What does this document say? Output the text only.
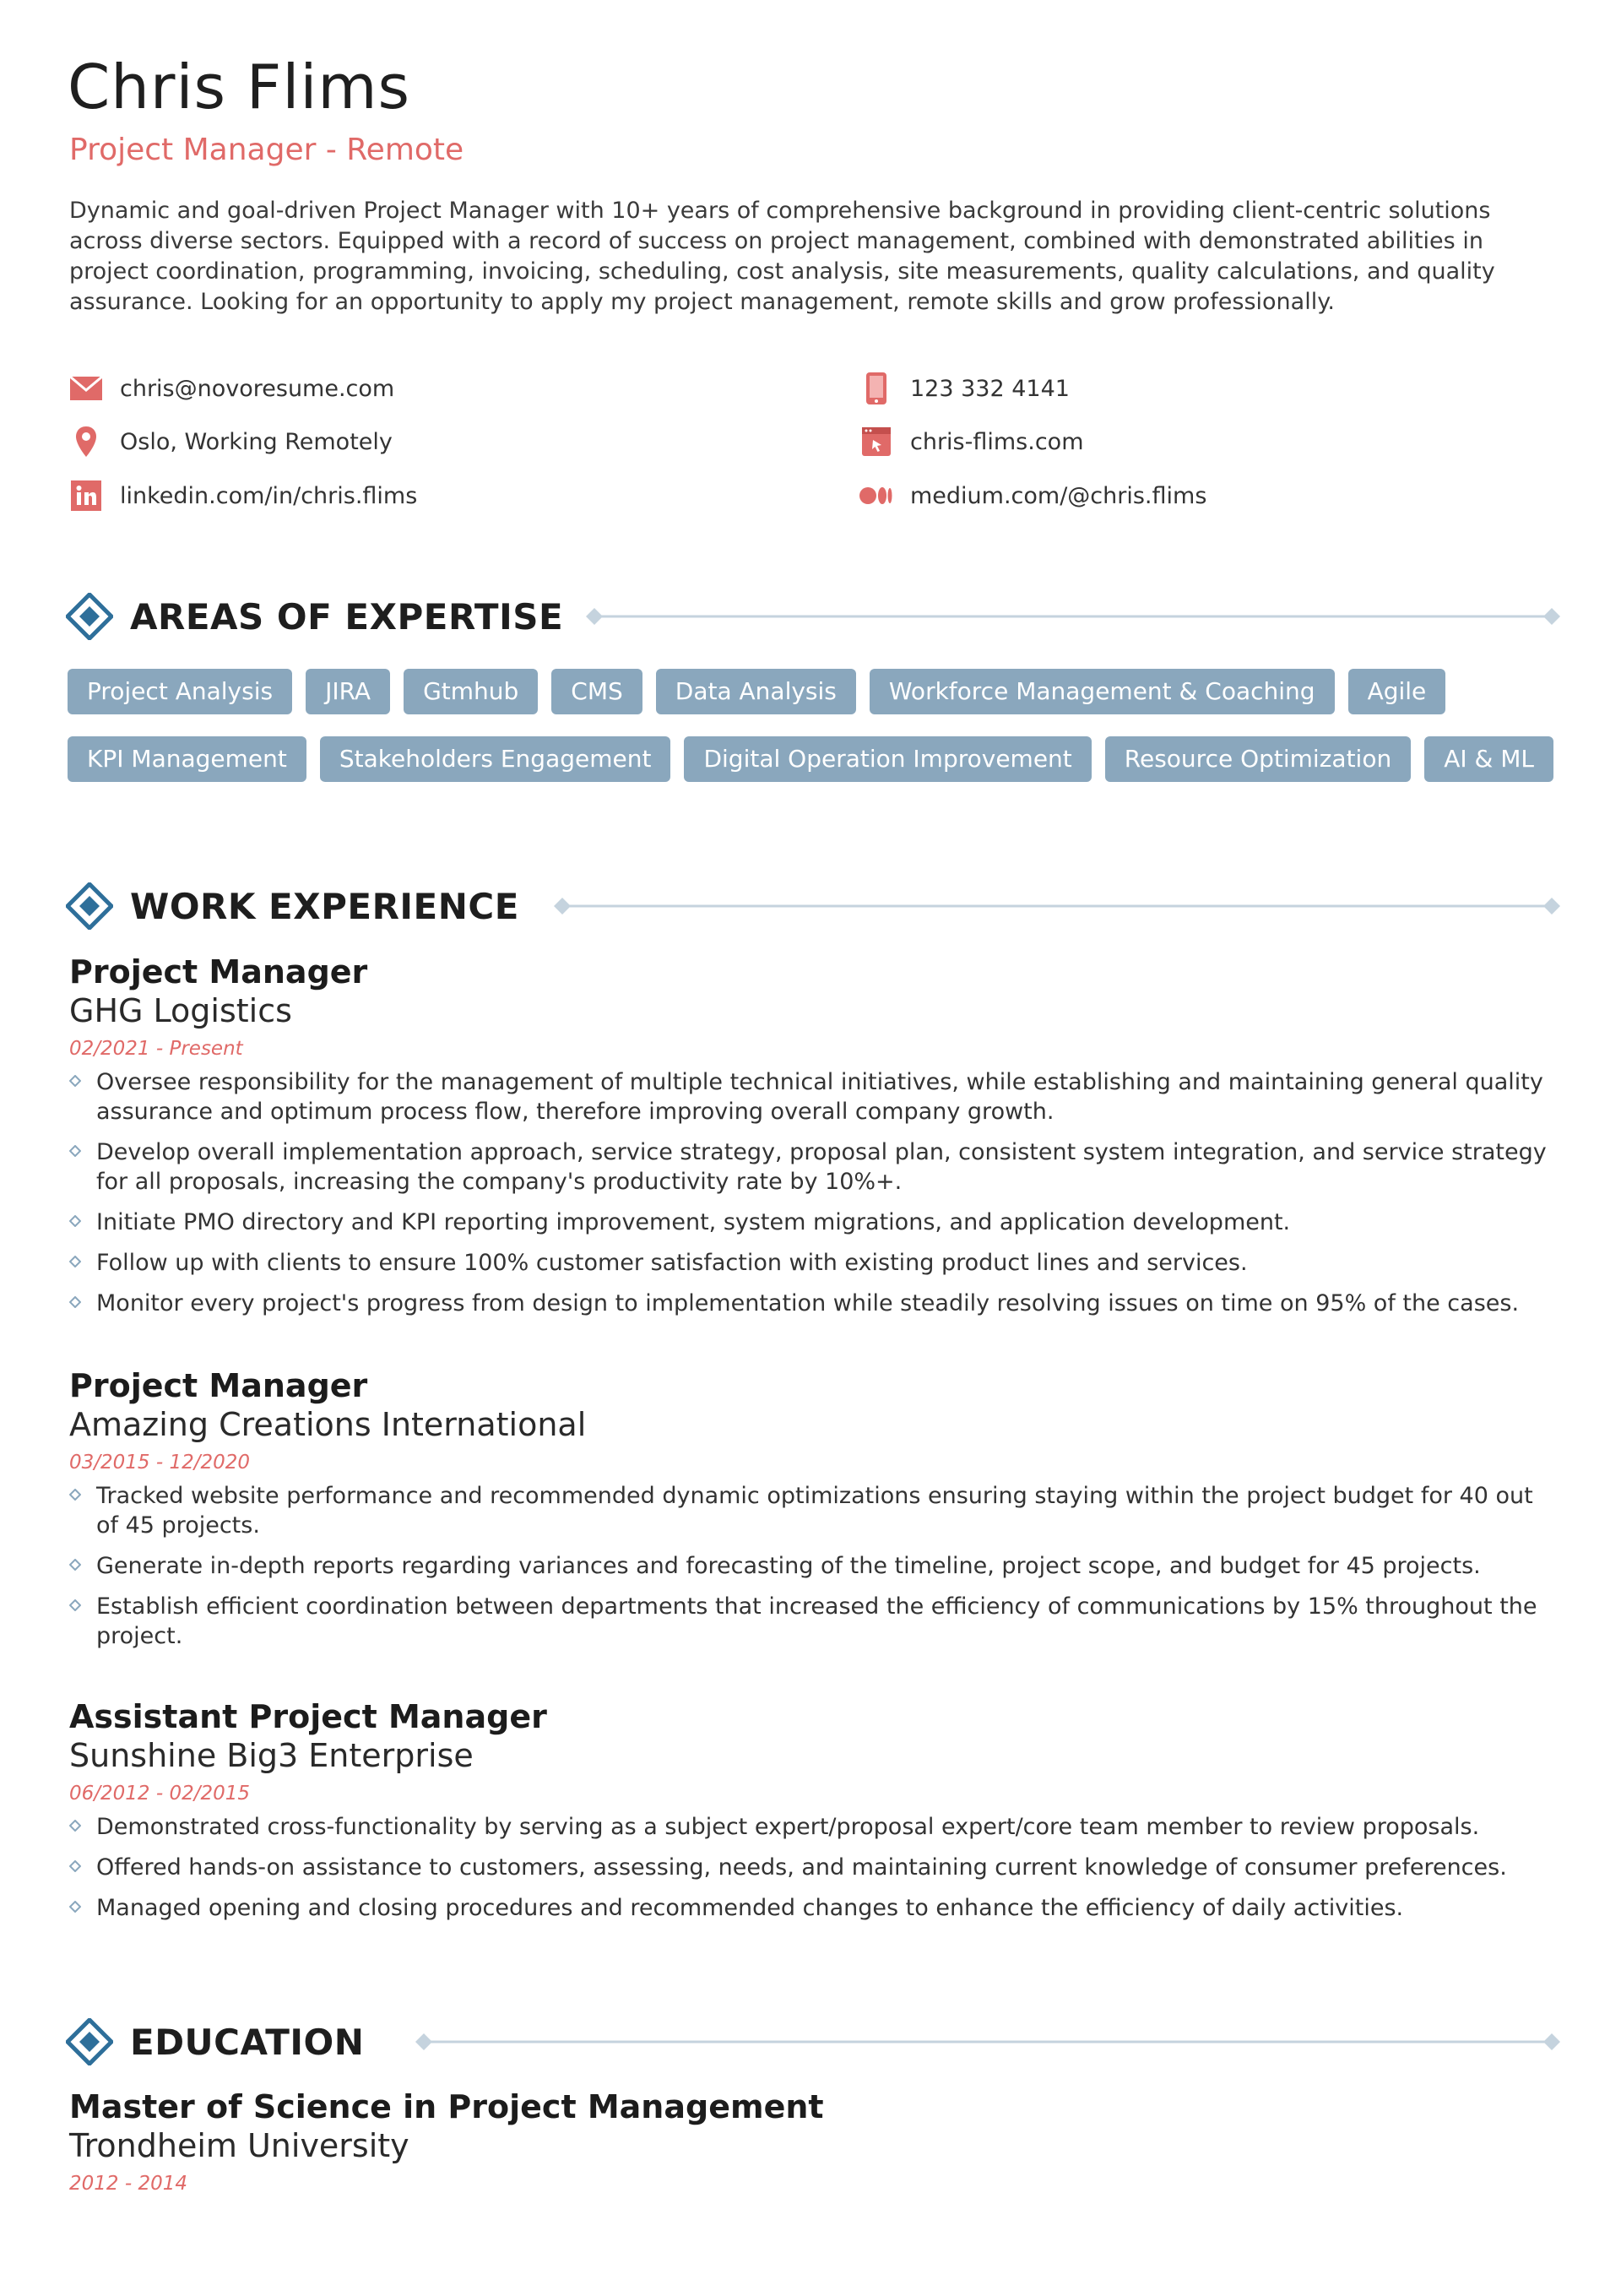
Chris Flims
Project Manager - Remote
Dynamic and goal-driven Project Manager with 10+ years of comprehensive background in providing client-centric solutions across diverse sectors. Equipped with a record of success on project management, combined with demonstrated abilities in project coordination, programming, invoicing, scheduling, cost analysis, site measurements, quality calculations, and quality assurance. Looking for an opportunity to apply my project management, remote skills and grow professionally.
chris@novoresume.com
Oslo, Working Remotely
linkedin.com/in/chris.flims
123 332 4141
chris-flims.com
medium.com/@chris.flims
AREAS OF EXPERTISE
Project Analysis	JIRA	Gtmhub	CMS	Data Analysis	Workforce Management & Coaching	Agile
KPI Management	Stakeholders Engagement	Digital Operation Improvement	Resource Optimization	AI & ML
WORK EXPERIENCE
Project Manager
GHG Logistics
02/2021 - Present
Oversee responsibility for the management of multiple technical initiatives, while establishing and maintaining general quality assurance and optimum process flow, therefore improving overall company growth.
Develop overall implementation approach, service strategy, proposal plan, consistent system integration, and service strategy for all proposals, increasing the company's productivity rate by 10%+.
Initiate PMO directory and KPI reporting improvement, system migrations, and application development.
Follow up with clients to ensure 100% customer satisfaction with existing product lines and services.
Monitor every project's progress from design to implementation while steadily resolving issues on time on 95% of the cases.
Project Manager
Amazing Creations International
03/2015 - 12/2020
Tracked website performance and recommended dynamic optimizations ensuring staying within the project budget for 40 out of 45 projects.
Generate in-depth reports regarding variances and forecasting of the timeline, project scope, and budget for 45 projects.
Establish efficient coordination between departments that increased the efficiency of communications by 15% throughout the project.
Assistant Project Manager
Sunshine Big3 Enterprise
06/2012 - 02/2015
Demonstrated cross-functionality by serving as a subject expert/proposal expert/core team member to review proposals.
Offered hands-on assistance to customers, assessing, needs, and maintaining current knowledge of consumer preferences.
Managed opening and closing procedures and recommended changes to enhance the efficiency of daily activities.
EDUCATION
Master of Science in Project Management
Trondheim University
2012 - 2014
